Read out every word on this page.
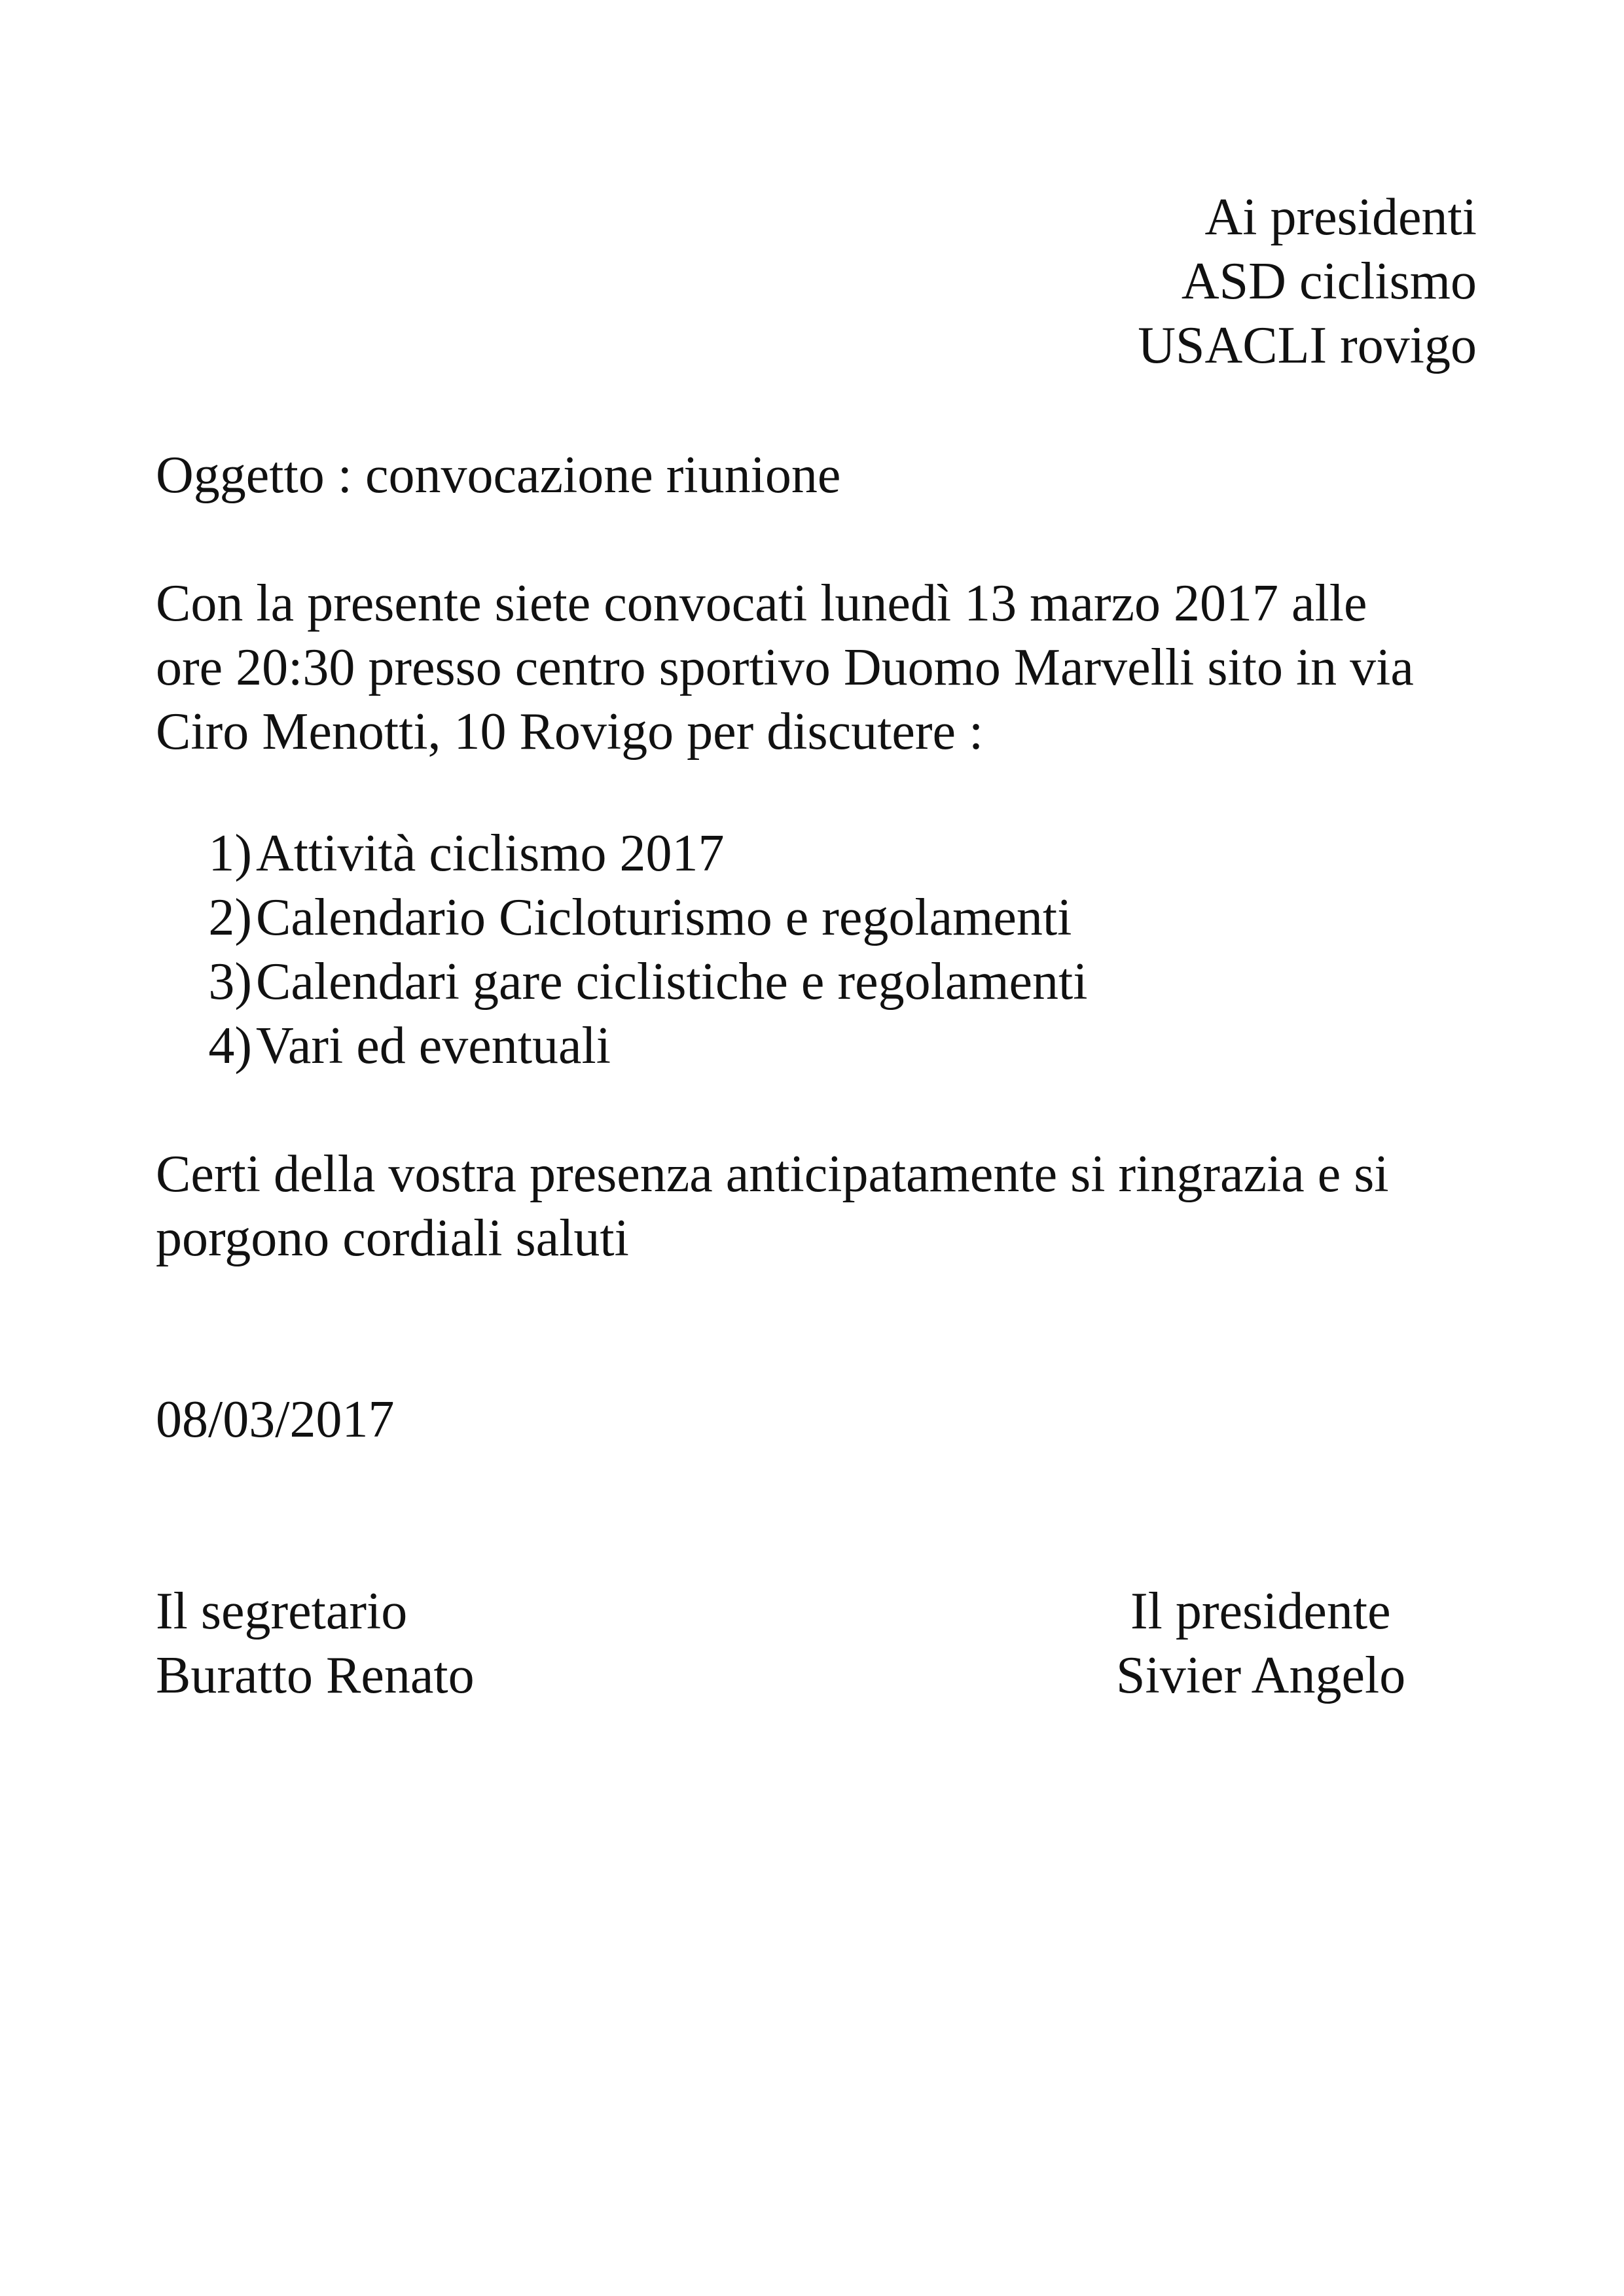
Ai presidenti
ASD ciclismo
USACLI rovigo

Oggetto : convocazione riunione

Con la presente siete convocati lunedì 13 marzo 2017 alle
ore 20:30 presso centro sportivo Duomo Marvelli sito in via
Ciro Menotti, 10 Rovigo per discutere :
1) Attività ciclismo 2017
2) Calendario Cicloturismo e regolamenti
3) Calendari gare ciclistiche e regolamenti
4) Vari ed eventuali
Certi della vostra presenza anticipatamente si ringrazia e si
porgono cordiali saluti

08/03/2017

Il segretario
Buratto Renato
Il presidente
Sivier Angelo
